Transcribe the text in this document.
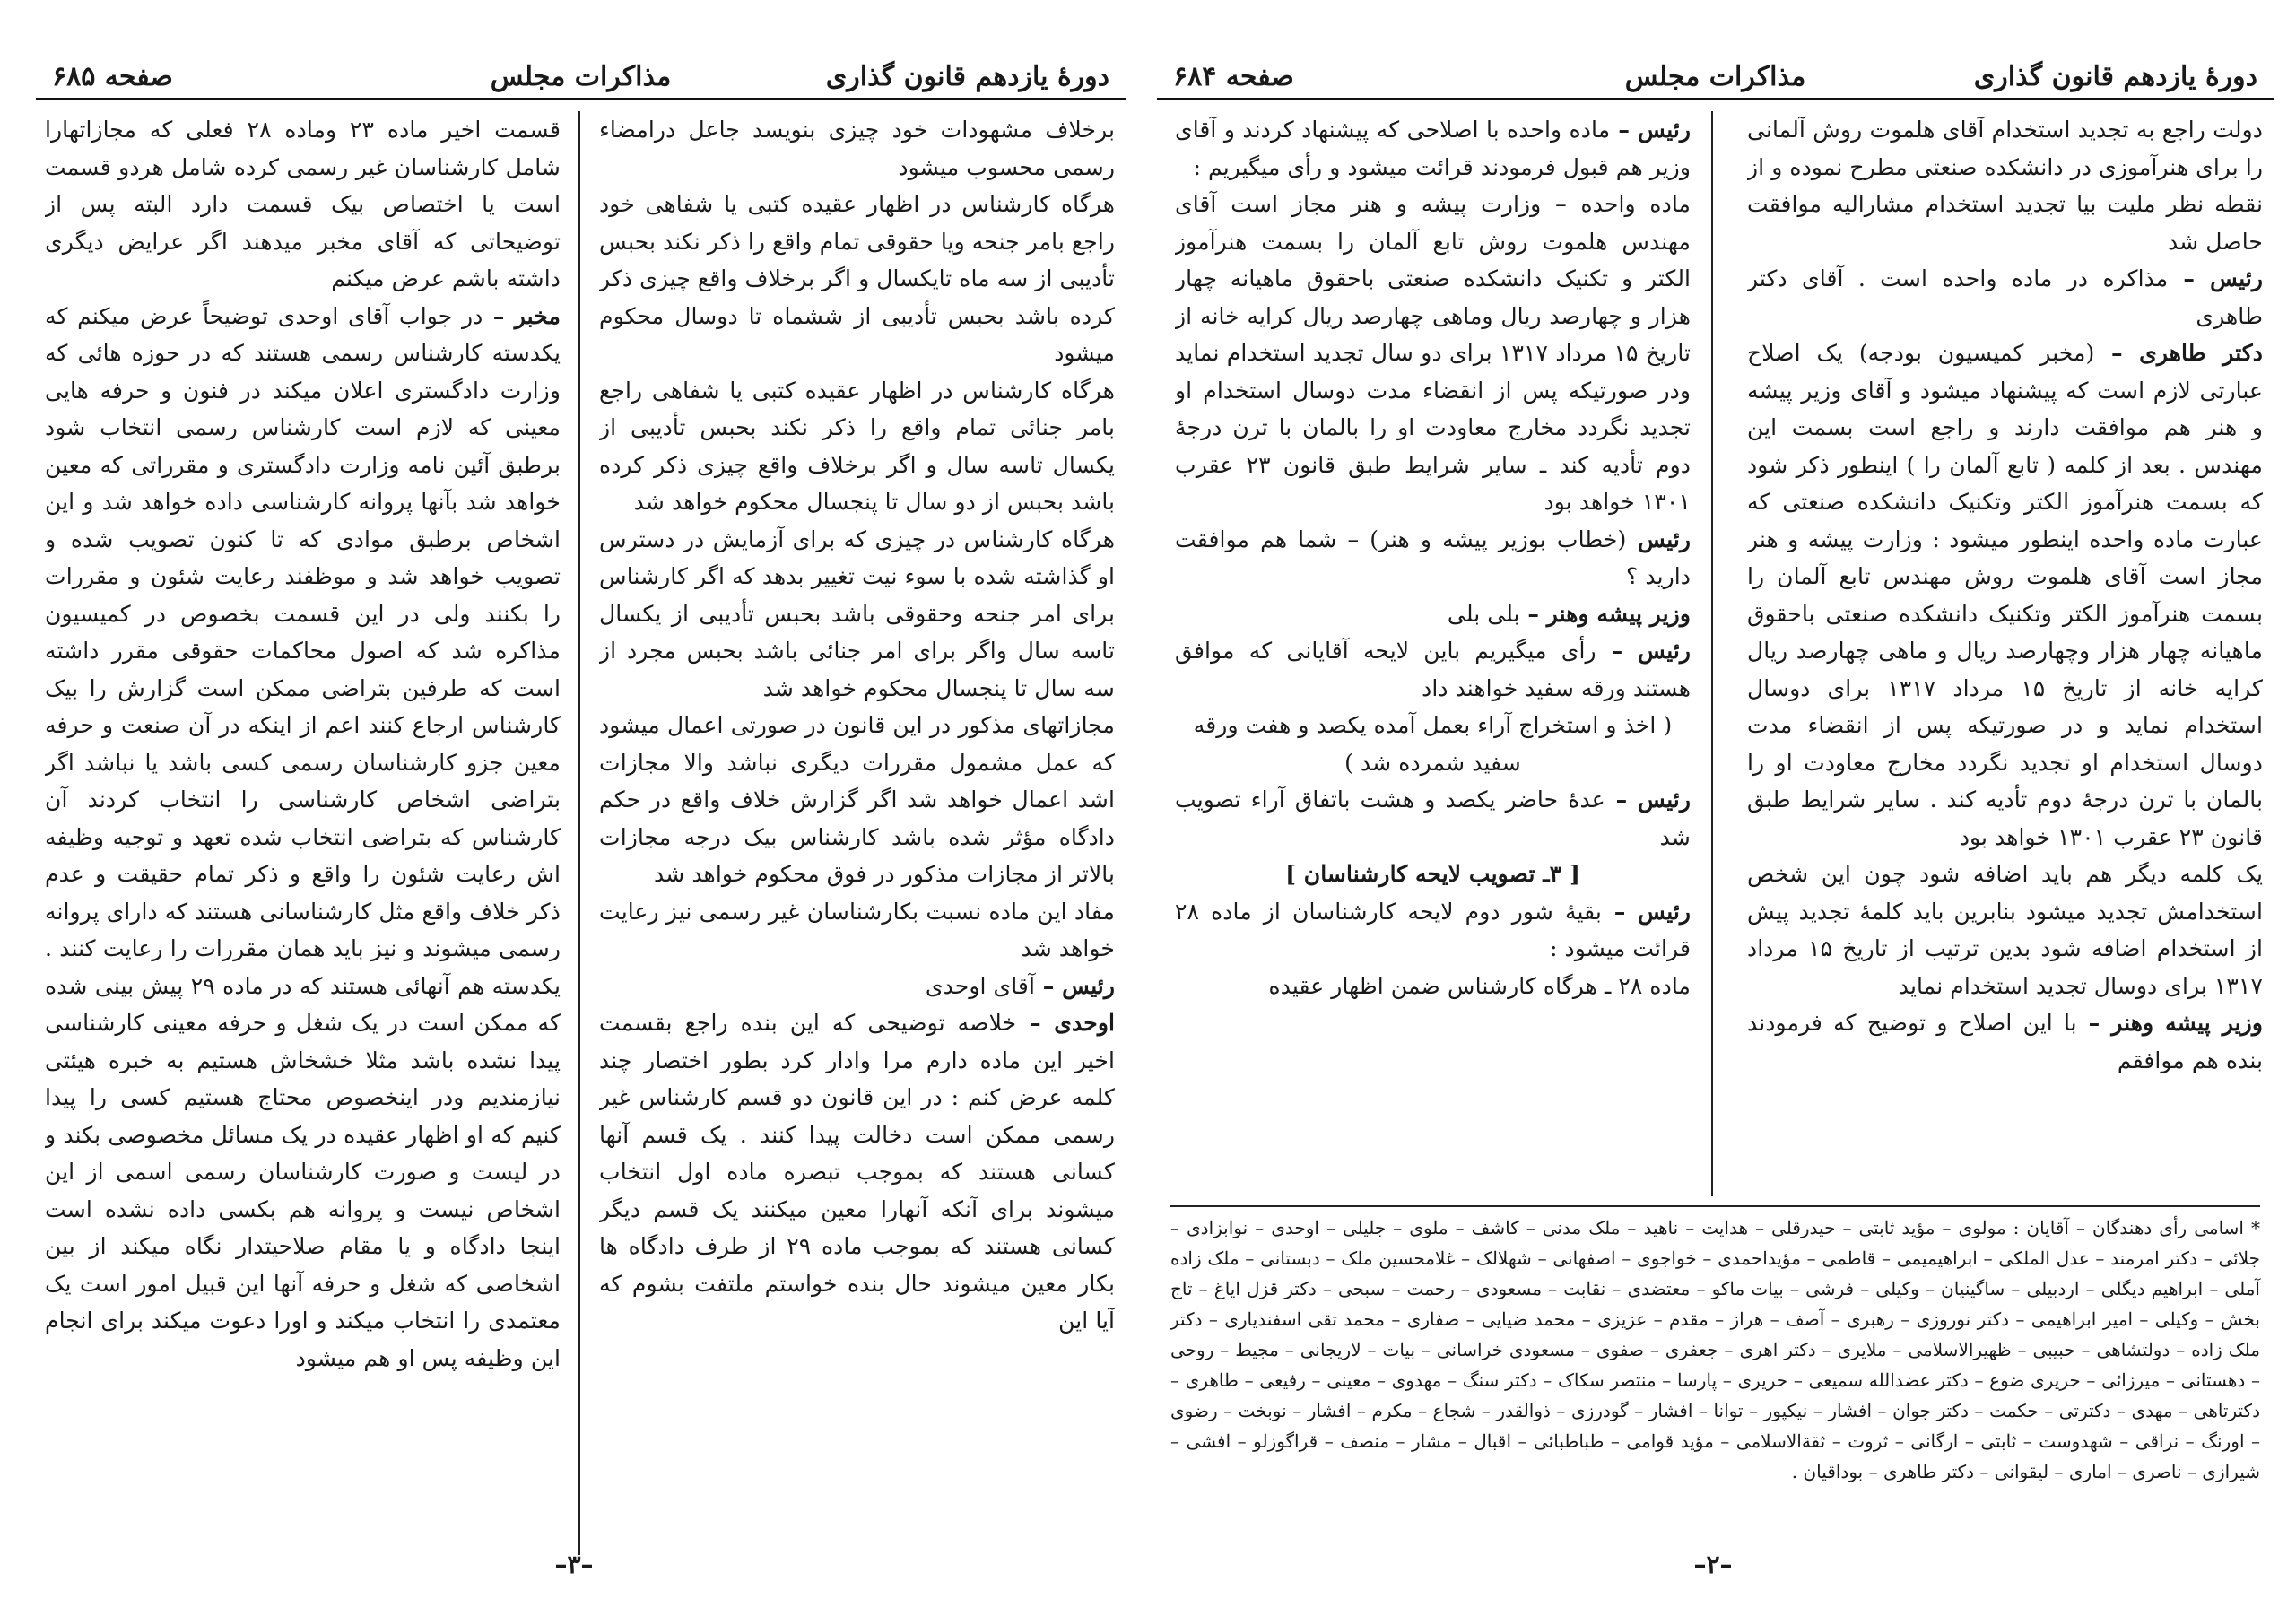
دورهٔ یازدهم قانون گذاری
مذاکرات مجلس
صفحه ۶۸۵

برخلاف مشهودات خود چیزی بنویسد جاعل درامضاء رسمی محسوب میشود

هرگاه کارشناس در اظهار عقیده کتبی یا شفاهی خود راجع بامر جنحه ویا حقوقی تمام واقع را ذکر نکند بحبس تأدیبی از سه ماه تایکسال و اگر برخلاف واقع چیزی ذکر کرده باشد بحبس تأدیبی از ششماه تا دوسال محکوم میشود

هرگاه کارشناس در اظهار عقیده کتبی یا شفاهی راجع بامر جنائی تمام واقع را ذکر نکند بحبس تأدیبی از یکسال تاسه سال و اگر برخلاف واقع چیزی ذکر کرده باشد بحبس از دو سال تا پنجسال محکوم خواهد شد

هرگاه کارشناس در چیزی که برای آزمایش در دسترس او گذاشته شده با سوء نیت تغییر بدهد که اگر کارشناس برای امر جنحه وحقوقی باشد بحبس تأدیبی از یکسال تاسه سال واگر برای امر جنائی باشد بحبس مجرد از سه سال تا پنجسال محکوم خواهد شد

مجازاتهای مذکور در این قانون در صورتی اعمال میشود که عمل مشمول مقررات دیگری نباشد والا مجازات اشد اعمال خواهد شد اگر گزارش خلاف واقع در حکم دادگاه مؤثر شده باشد کارشناس بیک درجه مجازات بالاتر از مجازات مذکور در فوق محکوم خواهد شد

مفاد این ماده نسبت بکارشناسان غیر رسمی نیز رعایت خواهد شد

رئیس – آقای اوحدی

اوحدی – خلاصه توضیحی که این بنده راجع بقسمت اخیر این ماده دارم مرا وادار کرد بطور اختصار چند کلمه عرض کنم : در این قانون دو قسم کارشناس غیر رسمی ممکن است دخالت پیدا کنند . یک قسم آنها کسانی هستند که بموجب تبصره ماده اول انتخاب میشوند برای آنکه آنهارا معین میکنند یک قسم دیگر کسانی هستند که بموجب ماده ۲۹ از طرف دادگاه ها بکار معین میشوند حال بنده خواستم ملتفت بشوم که آیا این

قسمت اخیر ماده ۲۳ وماده ۲۸ فعلی که مجازاتهارا شامل کارشناسان غیر رسمی کرده شامل هردو قسمت است یا اختصاص بیک قسمت دارد البته پس از توضیحاتی که آقای مخبر میدهند اگر عرایض دیگری داشته باشم عرض میکنم

مخبر – در جواب آقای اوحدی توضیحاً عرض میکنم که یکدسته کارشناس رسمی هستند که در حوزه هائی که وزارت دادگستری اعلان میکند در فنون و حرفه هایی معینی که لازم است کارشناس رسمی انتخاب شود برطبق آئین نامه وزارت دادگستری و مقرراتی که معین خواهد شد بآنها پروانه کارشناسی داده خواهد شد و این اشخاص برطبق موادی که تا کنون تصویب شده و تصویب خواهد شد و موظفند رعایت شئون و مقررات را بکنند ولی در این قسمت بخصوص در کمیسیون مذاکره شد که اصول محاکمات حقوقی مقرر داشته است که طرفین بتراضی ممکن است گزارش را بیک کارشناس ارجاع کنند اعم از اینکه در آن صنعت و حرفه معین جزو کارشناسان رسمی کسی باشد یا نباشد اگر بتراضی اشخاص کارشناسی را انتخاب کردند آن کارشناس که بتراضی انتخاب شده تعهد و توجیه وظیفه اش رعایت شئون را واقع و ذکر تمام حقیقت و عدم ذکر خلاف واقع مثل کارشناسانی هستند که دارای پروانه رسمی میشوند و نیز باید همان مقررات را رعایت کنند . یکدسته هم آنهائی هستند که در ماده ۲۹ پیش بینی شده که ممکن است در یک شغل و حرفه معینی کارشناسی پیدا نشده باشد مثلا خشخاش هستیم به خبره هیئتی نیازمندیم ودر اینخصوص محتاج هستیم کسی را پیدا کنیم که او اظهار عقیده در یک مسائل مخصوصی بکند و در لیست و صورت کارشناسان رسمی اسمی از این اشخاص نیست و پروانه هم بکسی داده نشده است اینجا دادگاه و یا مقام صلاحیتدار نگاه میکند از بین اشخاصی که شغل و حرفه آنها این قبیل امور است یک معتمدی را انتخاب میکند و اورا دعوت میکند برای انجام این وظیفه پس او هم میشود

–۳–
دورهٔ یازدهم قانون گذاری
مذاکرات مجلس
صفحه ۶۸۴

دولت راجع به تجدید استخدام آقای هلموت روش آلمانی را برای هنرآموزی در دانشکده صنعتی مطرح نموده و از نقطه نظر ملیت بیا تجدید استخدام مشارالیه موافقت حاصل شد

رئیس – مذاکره در ماده واحده است . آقای دکتر طاهری

دکتر طاهری – (مخبر کمیسیون بودجه) یک اصلاح عبارتی لازم است که پیشنهاد میشود و آقای وزیر پیشه و هنر هم موافقت دارند و راجع است بسمت این مهندس . بعد از کلمه ( تابع آلمان را ) اینطور ذکر شود که بسمت هنرآموز الکتر وتکنیک دانشکده صنعتی که عبارت ماده واحده اینطور میشود : وزارت پیشه و هنر مجاز است آقای هلموت روش مهندس تابع آلمان را بسمت هنرآموز الکتر وتکنیک دانشکده صنعتی باحقوق ماهیانه چهار هزار وچهارصد ریال و ماهی چهارصد ریال کرایه خانه از تاریخ ۱۵ مرداد ۱۳۱۷ برای دوسال استخدام نماید و در صورتیکه پس از انقضاء مدت دوسال استخدام او تجدید نگردد مخارج معاودت او را بالمان با ترن درجهٔ دوم تأدیه کند . سایر شرایط طبق قانون ۲۳ عقرب ۱۳۰۱ خواهد بود

یک کلمه دیگر هم باید اضافه شود چون این شخص استخدامش تجدید میشود بنابرین باید کلمهٔ تجدید پیش از استخدام اضافه شود بدین ترتیب از تاریخ ۱۵ مرداد ۱۳۱۷ برای دوسال تجدید استخدام نماید

وزیر پیشه وهنر – با این اصلاح و توضیح که فرمودند بنده هم موافقم

رئیس – ماده واحده با اصلاحی که پیشنهاد کردند و آقای وزیر هم قبول فرمودند قرائت میشود و رأی میگیریم :

ماده واحده – وزارت پیشه و هنر مجاز است آقای مهندس هلموت روش تابع آلمان را بسمت هنرآموز الکتر و تکنیک دانشکده صنعتی باحقوق ماهیانه چهار هزار و چهارصد ریال وماهی چهارصد ریال کرایه خانه از تاریخ ۱۵ مرداد ۱۳۱۷ برای دو سال تجدید استخدام نماید ودر صورتیکه پس از انقضاء مدت دوسال استخدام او تجدید نگردد مخارج معاودت او را بالمان با ترن درجهٔ دوم تأدیه کند ـ سایر شرایط طبق قانون ۲۳ عقرب ۱۳۰۱ خواهد بود

رئیس (خطاب بوزیر پیشه و هنر) – شما هم موافقت دارید ؟

وزیر پیشه وهنر – بلی بلی

رئیس – رأی میگیریم باین لایحه آقایانی که موافق هستند ورقه سفید خواهند داد

( اخذ و استخراج آراء بعمل آمده یکصد و هفت ورقه سفید شمرده شد )

رئیس – عدهٔ حاضر یکصد و هشت باتفاق آراء تصویب شد

[ ۳ـ تصویب لایحه کارشناسان ]

رئیس – بقیهٔ شور دوم لایحه کارشناسان از ماده ۲۸ قرائت میشود :

ماده ۲۸ ـ هرگاه کارشناس ضمن اظهار عقیده

* اسامی رأی دهندگان – آقایان : مولوی – مؤید ثابتی – حیدرقلی – هدایت – ناهید – ملک مدنی – کاشف – ملوی – جلیلی – اوحدی – نوابزادی – جلائی – دکتر امرمند – عدل الملکی – ابراهیمیمی – قاطمی – مؤیداحمدی – خواجوی – اصفهانی – شهلالک – غلامحسین ملک – دبستانی – ملک زاده آملی – ابراهیم دیگلی – اردبیلی – ساگینیان – وکیلی – فرشی – بیات ماکو – معتضدی – نقابت – مسعودی – رحمت – سبحی – دکتر قزل ایاغ – تاج بخش – وکیلی – امیر ابراهیمی – دکتر نوروزی – رهبری – آصف – هراز – مقدم – عزیزی – محمد ضیایی – صفاری – محمد تقی اسفندیاری – دکتر ملک زاده – دولتشاهی – حبیبی – ظهیرالاسلامی – ملایری – دکتر اهری – جعفری – صفوی – مسعودی خراسانی – بیات – لاریجانی – مجیط – روحی – دهستانی – میرزائی – حریری ضوع – دکتر عضدالله سمیعی – حریری – پارسا – منتصر سکاک – دکتر سنگ – مهدوی – معینی – رفیعی – طاهری – دکترتاهی – مهدی – دکترتی – حکمت – دکتر جوان – افشار – نیکپور – توانا – افشار – گودرزی – ذوالقدر – شجاع – مکرم – افشار – نوبخت – رضوی – اورنگ – نراقی – شهدوست – ثابتی – ارگانی – ثروت – ثقةالاسلامی – مؤید قوامی – طباطبائی – اقبال – مشار – منصف – قراگوزلو – افشی – شیرازی – ناصری – اماری – لیقوانی – دکتر طاهری – بوداقیان .
–۲–
